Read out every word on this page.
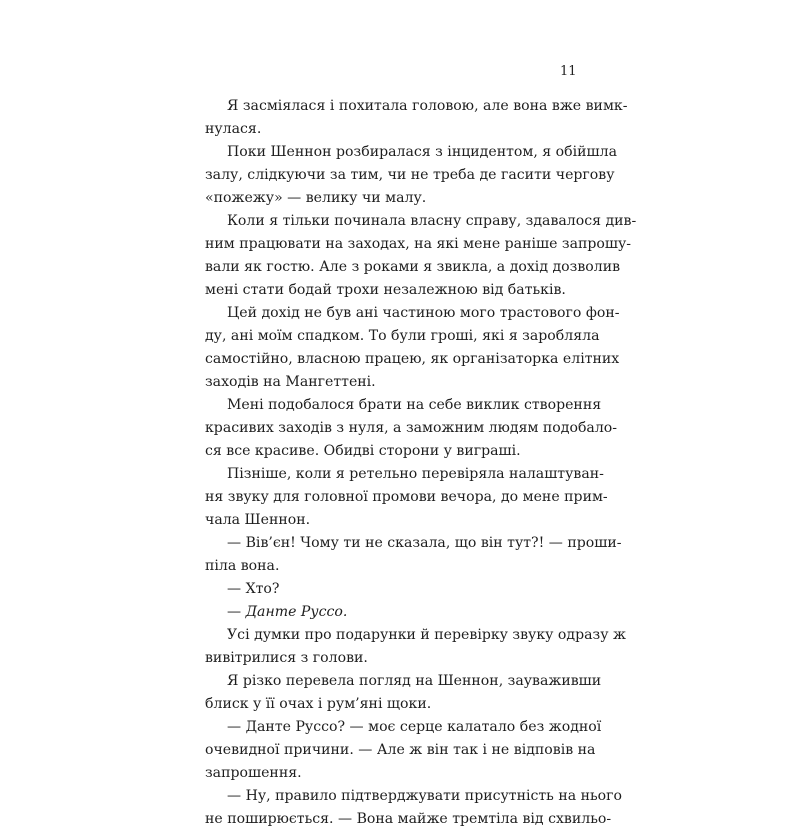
11
Я засміялася і похитала головою, але вона вже вимк-
нулася.
Поки Шеннон розбиралася з інцидентом, я обійшла
залу, слідкуючи за тим, чи не треба де гасити чергову
«пожежу» — велику чи малу.
Коли я тільки починала власну справу, здавалося див-
ним працювати на заходах, на які мене раніше запрошу-
вали як гостю. Але з роками я звикла, а дохід дозволив
мені стати бодай трохи незалежною від батьків.
Цей дохід не був ані частиною мого трастового фон-
ду, ані моїм спадком. То були гроші, які я заробляла
самостійно, власною працею, як організаторка елітних
заходів на Мангеттені.
Мені подобалося брати на себе виклик створення
красивих заходів з нуля, а заможним людям подобало-
ся все красиве. Обидві сторони у виграші.
Пізніше, коли я ретельно перевіряла налаштуван-
ня звуку для головної промови вечора, до мене прим-
чала Шеннон.
— Вів’єн! Чому ти не сказала, що він тут?! — проши-
піла вона.
— Хто?
— Данте Руссо.
Усі думки про подарунки й перевірку звуку одразу ж
вивітрилися з голови.
Я різко перевела погляд на Шеннон, зауваживши
блиск у її очах і рум’яні щоки.
— Данте Руссо? — моє серце калатало без жодної
очевидної причини. — Але ж він так і не відповів на
запрошення.
— Ну, правило підтверджувати присутність на нього
не поширюється. — Вона майже тремтіла від схвильо-
